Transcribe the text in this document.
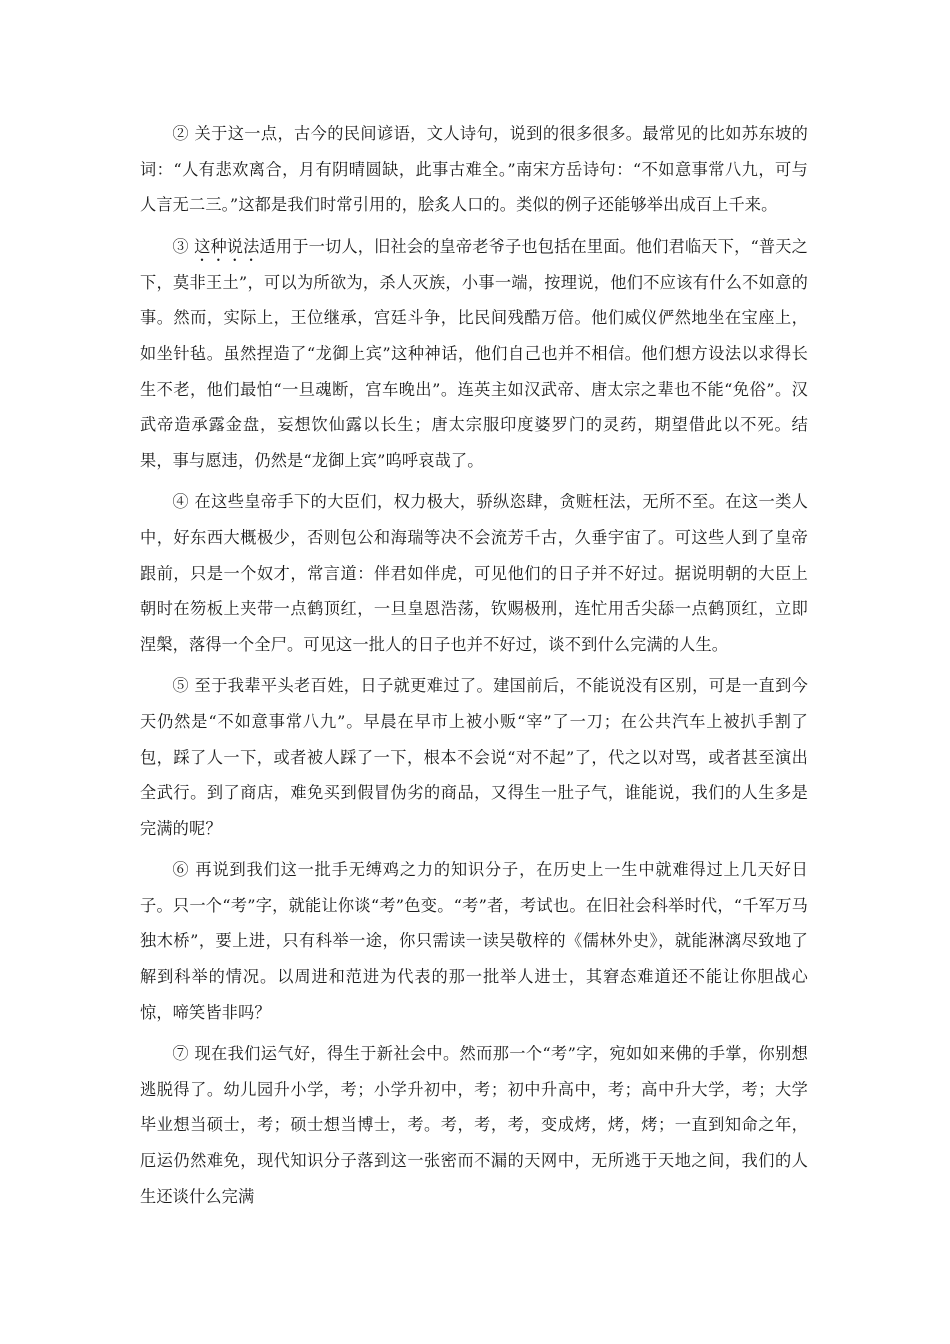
② 关于这一点，古今的民间谚语，文人诗句，说到的很多很多。最常见的比如苏东坡的词：“人有悲欢离合，月有阴晴圆缺，此事古难全。”南宋方岳诗句：“不如意事常八九，可与人言无二三。”这都是我们时常引用的，脍炙人口的。类似的例子还能够举出成百上千来。

③ 这种说法适用于一切人，旧社会的皇帝老爷子也包括在里面。他们君临天下，“普天之下，莫非王土”，可以为所欲为，杀人灭族，小事一端，按理说，他们不应该有什么不如意的事。然而，实际上，王位继承，宫廷斗争，比民间残酷万倍。他们威仪俨然地坐在宝座上，如坐针毡。虽然捏造了“龙御上宾”这种神话，他们自己也并不相信。他们想方设法以求得长生不老，他们最怕“一旦魂断，宫车晚出”。连英主如汉武帝、唐太宗之辈也不能“免俗”。汉武帝造承露金盘，妄想饮仙露以长生；唐太宗服印度婆罗门的灵药，期望借此以不死。结果，事与愿违，仍然是“龙御上宾”呜呼哀哉了。

④ 在这些皇帝手下的大臣们，权力极大，骄纵恣肆，贪赃枉法，无所不至。在这一类人中，好东西大概极少，否则包公和海瑞等决不会流芳千古，久垂宇宙了。可这些人到了皇帝跟前，只是一个奴才，常言道：伴君如伴虎，可见他们的日子并不好过。据说明朝的大臣上朝时在笏板上夹带一点鹤顶红，一旦皇恩浩荡，钦赐极刑，连忙用舌尖舔一点鹤顶红，立即涅槃，落得一个全尸。可见这一批人的日子也并不好过，谈不到什么完满的人生。

⑤ 至于我辈平头老百姓，日子就更难过了。建国前后，不能说没有区别，可是一直到今天仍然是“不如意事常八九”。早晨在早市上被小贩“宰”了一刀；在公共汽车上被扒手割了包，踩了人一下，或者被人踩了一下，根本不会说“对不起”了，代之以对骂，或者甚至演出全武行。到了商店，难免买到假冒伪劣的商品，又得生一肚子气，谁能说，我们的人生多是完满的呢？

⑥ 再说到我们这一批手无缚鸡之力的知识分子，在历史上一生中就难得过上几天好日子。只一个“考”字，就能让你谈“考”色变。“考”者，考试也。在旧社会科举时代，“千军万马独木桥”，要上进，只有科举一途，你只需读一读吴敬梓的《儒林外史》，就能淋漓尽致地了解到科举的情况。以周进和范进为代表的那一批举人进士，其窘态难道还不能让你胆战心惊，啼笑皆非吗？

⑦ 现在我们运气好，得生于新社会中。然而那一个“考”字，宛如如来佛的手掌，你别想逃脱得了。幼儿园升小学，考；小学升初中，考；初中升高中，考；高中升大学，考；大学毕业想当硕士，考；硕士想当博士，考。考，考，考，变成烤，烤，烤；一直到知命之年，厄运仍然难免，现代知识分子落到这一张密而不漏的天网中，无所逃于天地之间，我们的人生还谈什么完满
